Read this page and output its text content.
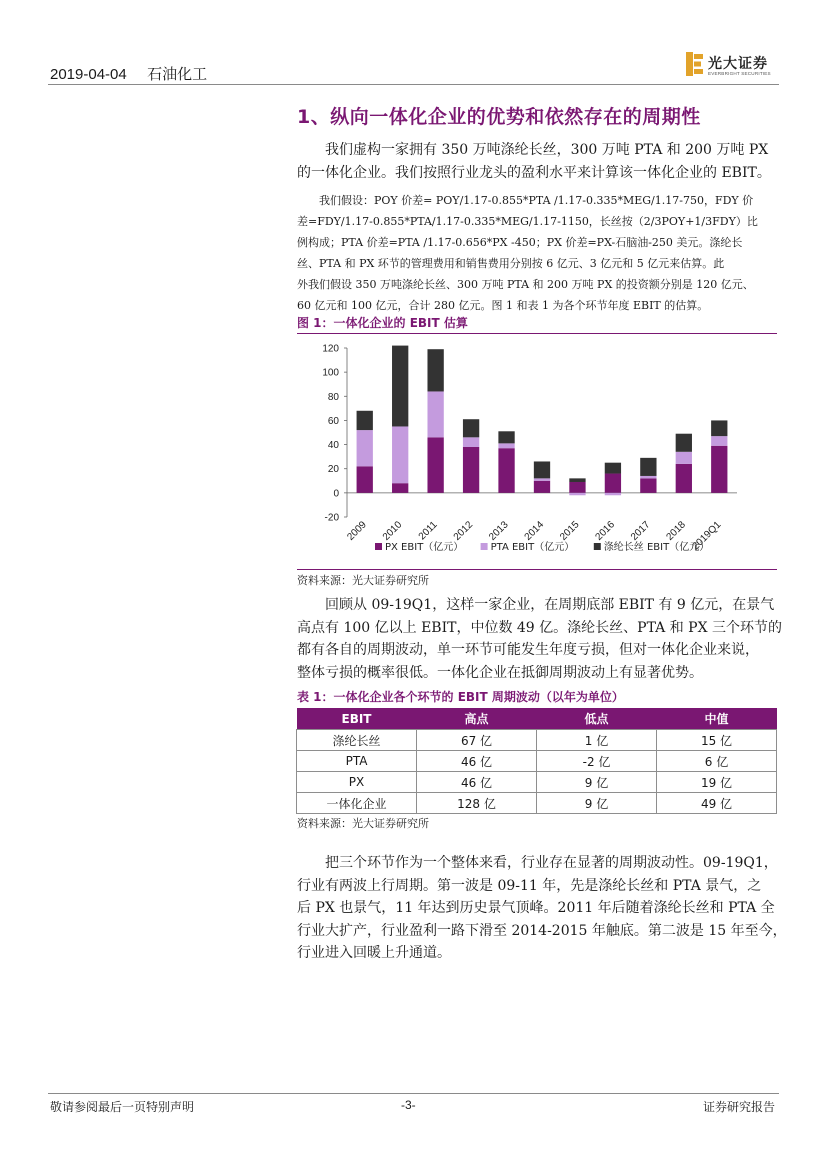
2019-04-04 石油化工
光大证券
EVERBRIGHT SECURITIES
1、纵向一体化企业的优势和依然存在的周期性
我们虚构一家拥有 350 万吨涤纶长丝，300 万吨 PTA 和 200 万吨 PX
的一体化企业。我们按照行业龙头的盈利水平来计算该一体化企业的 EBIT。
我们假设：POY 价差= POY/1.17-0.855*PTA /1.17-0.335*MEG/1.17-750，FDY 价
差=FDY/1.17-0.855*PTA/1.17-0.335*MEG/1.17-1150，长丝按（2/3POY+1/3FDY）比
例构成；PTA 价差=PTA /1.17-0.656*PX -450；PX 价差=PX-石脑油-250 美元。涤纶长
丝、PTA 和 PX 环节的管理费用和销售费用分别按 6 亿元、3 亿元和 5 亿元来估算。此
外我们假设 350 万吨涤纶长丝、300 万吨 PTA 和 200 万吨 PX 的投资额分别是 120 亿元、
60 亿元和 100 亿元，合计 280 亿元。图 1 和表 1 为各个环节年度 EBIT 的估算。
图 1：一体化企业的 EBIT 估算
-20
0
20
40
60
80
100
120
2009 2010 2011 2012 2013 2014 2015 2016 2017 2018 2019Q1
PX EBIT（亿元）	PTA EBIT（亿元）	涤纶长丝 EBIT（亿元）
资料来源：光大证券研究所
回顾从 09-19Q1，这样一家企业，在周期底部 EBIT 有 9 亿元，在景气
高点有 100 亿以上 EBIT，中位数 49 亿。涤纶长丝、PTA 和 PX 三个环节的
都有各自的周期波动，单一环节可能发生年度亏损，但对一体化企业来说，
整体亏损的概率很低。一体化企业在抵御周期波动上有显著优势。
表 1：一体化企业各个环节的 EBIT 周期波动（以年为单位）
EBIT	高点	低点	中值
涤纶长丝	67 亿	1 亿	15 亿
PTA	46 亿	-2 亿	6 亿
PX	46 亿	9 亿	19 亿
一体化企业	128 亿	9 亿	49 亿
资料来源：光大证券研究所
把三个环节作为一个整体来看，行业存在显著的周期波动性。09-19Q1，
行业有两波上行周期。第一波是 09-11 年，先是涤纶长丝和 PTA 景气，之
后 PX 也景气，11 年达到历史景气顶峰。2011 年后随着涤纶长丝和 PTA 全
行业大扩产，行业盈利一路下滑至 2014-2015 年触底。第二波是 15 年至今，
行业进入回暖上升通道。
敬请参阅最后一页特别声明	-3-	证券研究报告
